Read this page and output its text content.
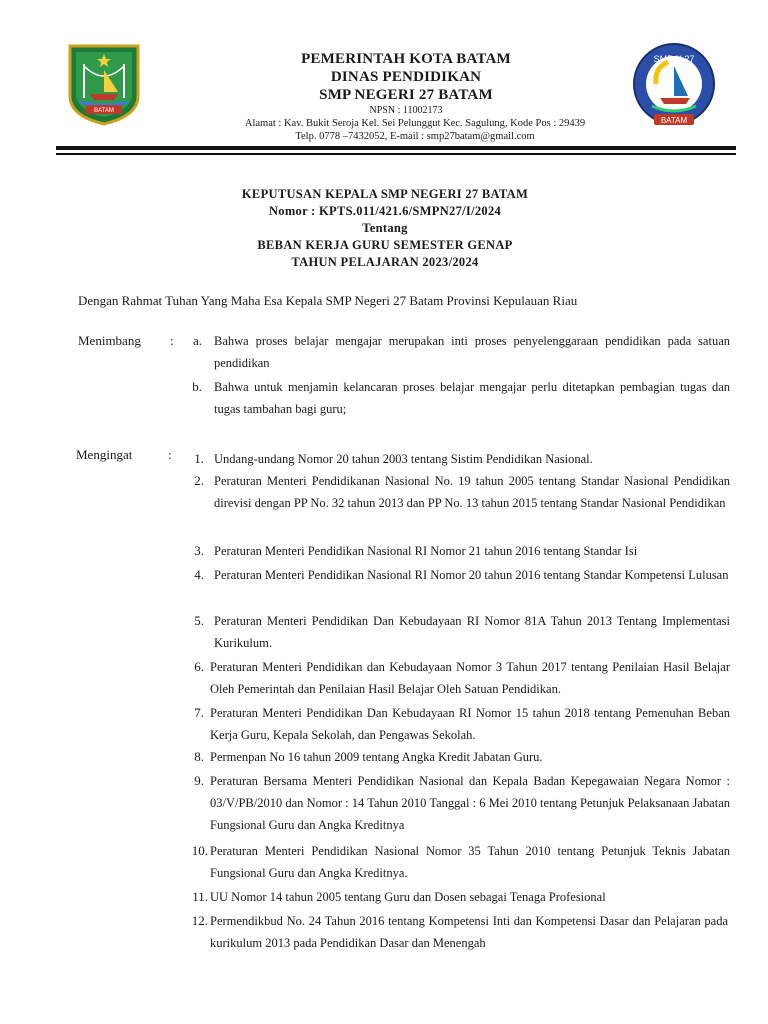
BATAM
SMP N 27
BATAM
PEMERINTAH KOTA BATAM
DINAS PENDIDIKAN
SMP NEGERI 27 BATAM
NPSN : 11002173
Alamat : Kav. Bukit Seroja Kel. Sei Pelunggut Kec. Sagulung, Kode Pos : 29439
Telp. 0778 –7432052, E-mail : smp27batam@gmail.com
KEPUTUSAN KEPALA SMP NEGERI 27 BATAM
Nomor : KPTS.011/421.6/SMPN27/I/2024
Tentang
BEBAN KERJA GURU SEMESTER GENAP
TAHUN PELAJARAN 2023/2024
Dengan Rahmat Tuhan Yang Maha Esa Kepala SMP Negeri 27 Batam Provinsi Kepulauan Riau
Menimbang :	a. Bahwa proses belajar mengajar merupakan inti proses penyelenggaraan pendidikan pada satuan pendidikan
b. Bahwa untuk menjamin kelancaran proses belajar mengajar perlu ditetapkan pembagian tugas dan tugas tambahan bagi guru;
Mengingat	:	1. Undang-undang Nomor 20 tahun 2003 tentang Sistim Pendidikan Nasional.
2. Peraturan Menteri Pendidikanan Nasional No. 19 tahun 2005 tentang Standar Nasional Pendidikan direvisi dengan PP No. 32 tahun 2013 dan PP No. 13 tahun 2015 tentang Standar Nasional Pendidikan
3. Peraturan Menteri Pendidikan Nasional RI Nomor 21 tahun 2016 tentang Standar Isi
4. Peraturan Menteri Pendidikan Nasional RI Nomor 20 tahun 2016 tentang Standar Kompetensi Lulusan
5. Peraturan Menteri Pendidikan Dan Kebudayaan RI Nomor 81A Tahun 2013 Tentang Implementasi Kurikulum.
6. Peraturan Menteri Pendidikan dan Kebudayaan Nomor 3 Tahun 2017 tentang Penilaian Hasil Belajar Oleh Pemerintah dan Penilaian Hasil Belajar Oleh Satuan Pendidikan.
7. Peraturan Menteri Pendidikan Dan Kebudayaan RI Nomor 15 tahun 2018 tentang Pemenuhan Beban Kerja Guru, Kepala Sekolah, dan Pengawas Sekolah.
8. Permenpan No 16 tahun 2009 tentang Angka Kredit Jabatan Guru.
9. Peraturan Bersama Menteri Pendidikan Nasional dan Kepala Badan Kepegawaian Negara Nomor : 03/V/PB/2010 dan Nomor : 14 Tahun 2010 Tanggal : 6 Mei 2010 tentang Petunjuk Pelaksanaan Jabatan Fungsional Guru dan Angka Kreditnya
10. Peraturan Menteri Pendidikan Nasional Nomor 35 Tahun 2010 tentang Petunjuk Teknis Jabatan Fungsional Guru dan Angka Kreditnya.
11. UU Nomor 14 tahun 2005 tentang Guru dan Dosen sebagai Tenaga Profesional
12. Permendikbud No. 24 Tahun 2016 tentang Kompetensi Inti dan Kompetensi Dasar dan Pelajaran pada kurikulum 2013 pada Pendidikan Dasar dan Menengah
